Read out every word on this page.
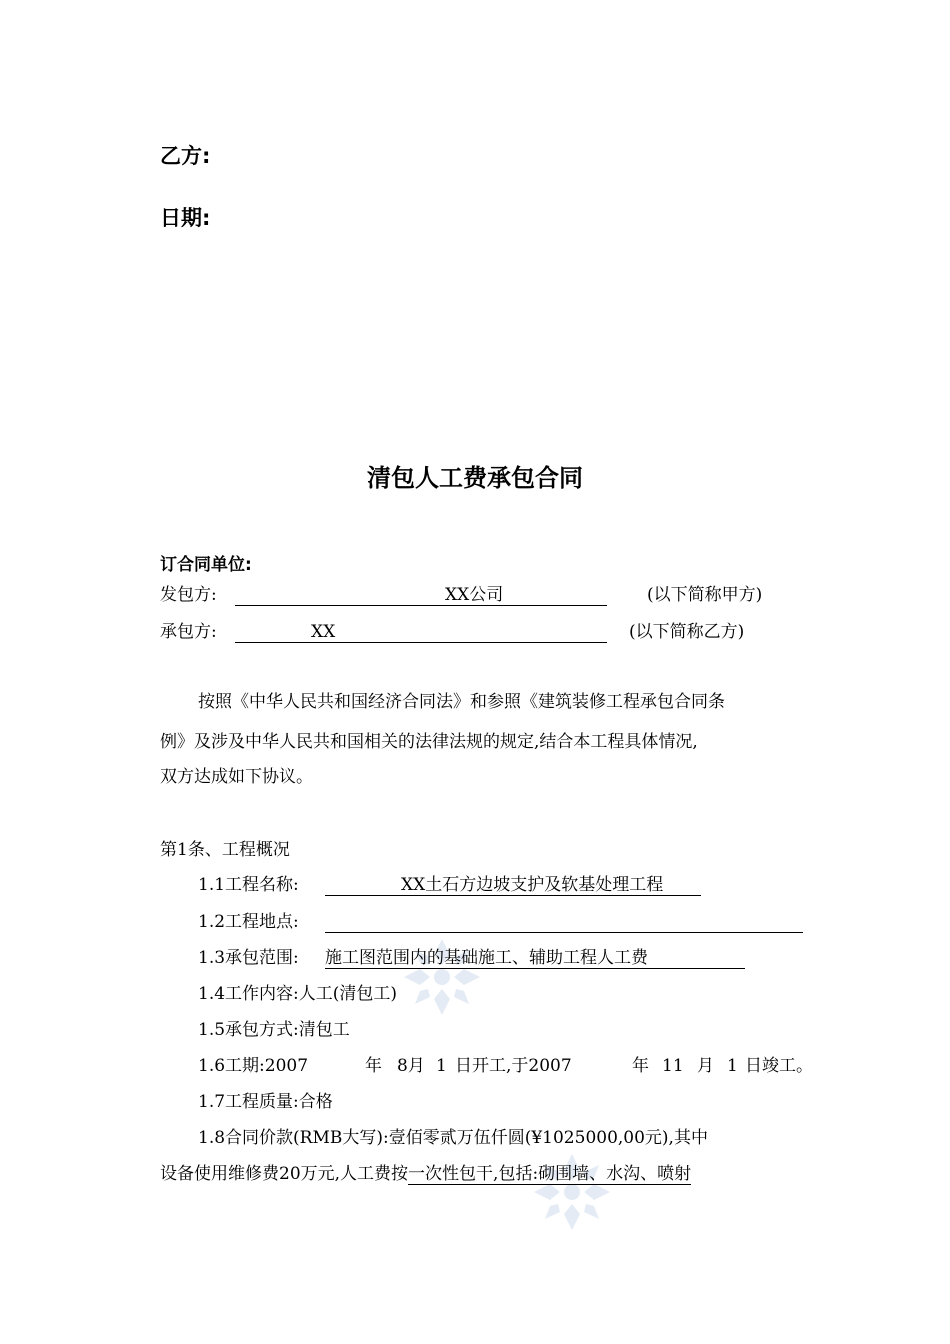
乙方:
日期:
清包人工费承包合同
订合同单位:
发包方:	XX公司	(以下简称甲方)
承包方:	XX	(以下简称乙方)
按照《中华人民共和国经济合同法》和参照《建筑装修工程承包合同条
例》及涉及中华人民共和国相关的法律法规的规定,结合本工程具体情况,
双方达成如下协议。
第1条、工程概况
1.1工程名称:	XX土石方边坡支护及软基处理工程
1.2工程地点:
1.3承包范围: 施工图范围内的基础施工、辅助工程人工费
1.4工作内容:人工(清包工)
1.5承包方式:清包工
1.6工期:2007	年 8月 1 日开工,于2007	年 11 月 1 日竣工。
1.7工程质量:合格
1.8合同价款(RMB大写):壹佰零贰万伍仟圆(¥1025000,00元),其中
设备使用维修费20万元,人工费按一次性包干,包括:砌围墙、水沟、喷射
